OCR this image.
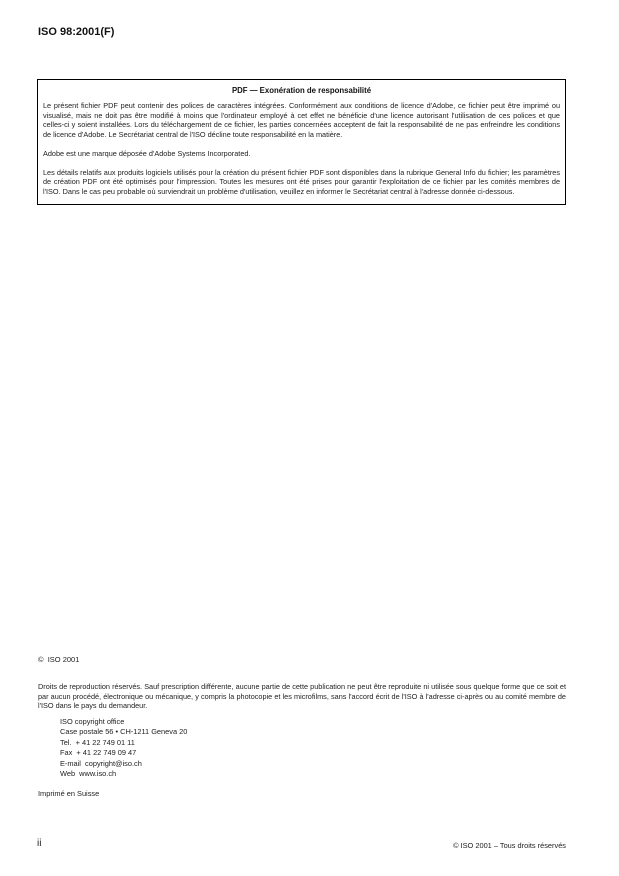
ISO 98:2001(F)
PDF — Exonération de responsabilité

Le présent fichier PDF peut contenir des polices de caractères intégrées. Conformément aux conditions de licence d'Adobe, ce fichier peut être imprimé ou visualisé, mais ne doit pas être modifié à moins que l'ordinateur employé à cet effet ne bénéficie d'une licence autorisant l'utilisation de ces polices et que celles-ci y soient installées. Lors du téléchargement de ce fichier, les parties concernées acceptent de fait la responsabilité de ne pas enfreindre les conditions de licence d'Adobe. Le Secrétariat central de l'ISO décline toute responsabilité en la matière.

Adobe est une marque déposée d'Adobe Systems Incorporated.

Les détails relatifs aux produits logiciels utilisés pour la création du présent fichier PDF sont disponibles dans la rubrique General Info du fichier; les paramètres de création PDF ont été optimisés pour l'impression. Toutes les mesures ont été prises pour garantir l'exploitation de ce fichier par les comités membres de l'ISO. Dans le cas peu probable où surviendrait un problème d'utilisation, veuillez en informer le Secrétariat central à l'adresse donnée ci-dessous.

©  ISO 2001

Droits de reproduction réservés. Sauf prescription différente, aucune partie de cette publication ne peut être reproduite ni utilisée sous quelque forme que ce soit et par aucun procédé, électronique ou mécanique, y compris la photocopie et les microfilms, sans l'accord écrit de l'ISO à l'adresse ci-après ou au comité membre de l'ISO dans le pays du demandeur.

ISO copyright office
Case postale 56 • CH-1211 Geneva 20
Tel.  + 41 22 749 01 11
Fax  + 41 22 749 09 47
E-mail  copyright@iso.ch
Web  www.iso.ch
Imprimé en Suisse
ii	© ISO 2001 – Tous droits réservés
